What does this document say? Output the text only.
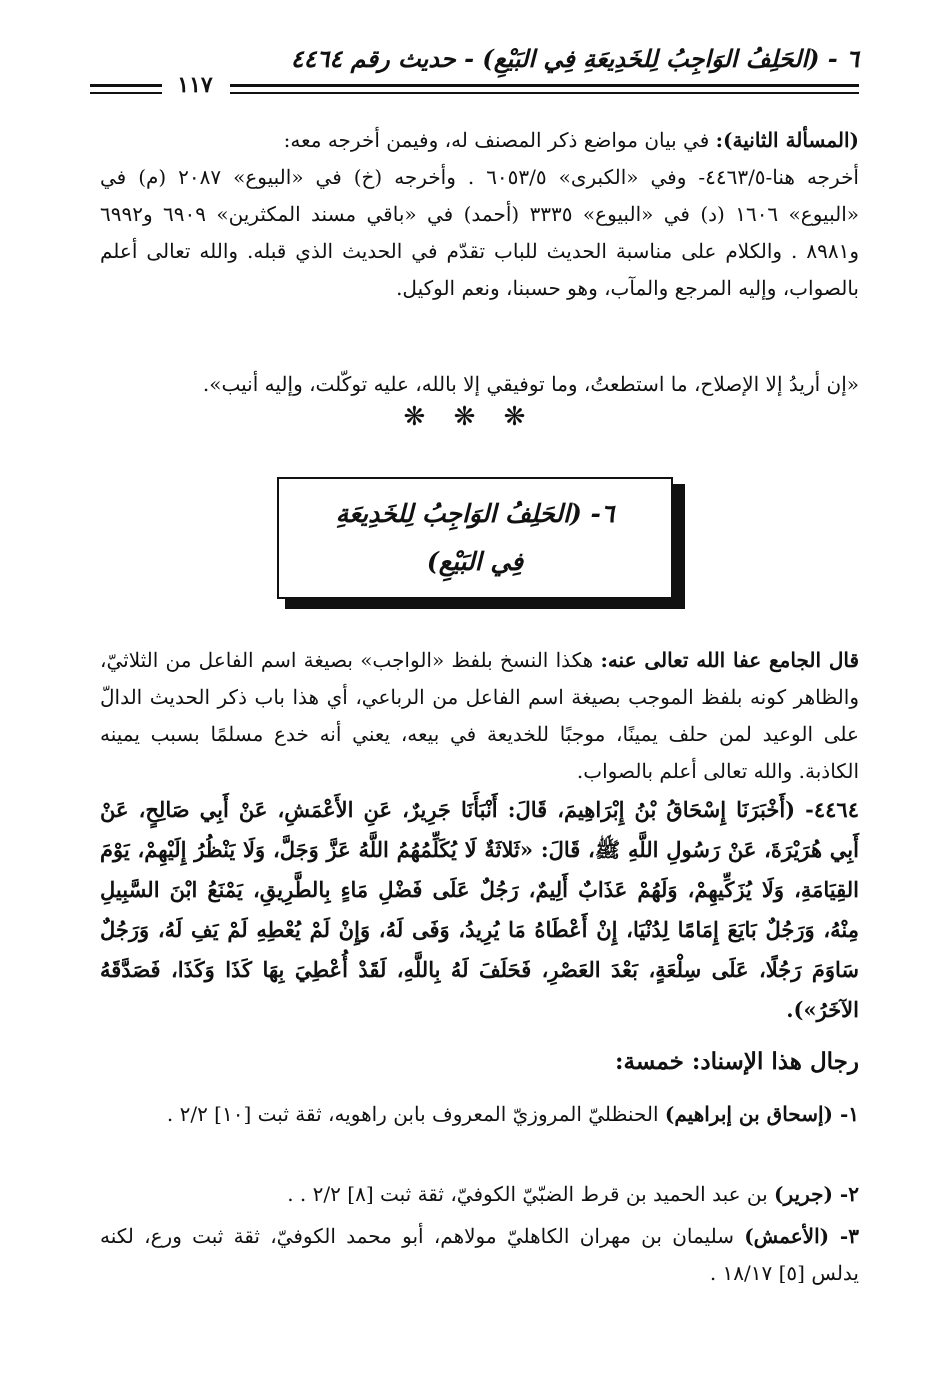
٦ - (الحَلِفُ الوَاجِبُ لِلخَدِيعَةِ فِي البَيْعِ) - حديث رقم ٤٤٦٤
١١٧
(المسألة الثانية): في بيان مواضع ذكر المصنف له، وفيمن أخرجه معه:
أخرجه هنا-٤٤٦٣/٥- وفي «الكبرى» ٦٠٥٣/٥ . وأخرجه (خ) في «البيوع» ٢٠٨٧ (م) في «البيوع» ١٦٠٦ (د) في «البيوع» ٣٣٣٥ (أحمد) في «باقي مسند المكثرين» ٦٩٠٩ و٦٩٩٢ و٨٩٨١ . والكلام على مناسبة الحديث للباب تقدّم في الحديث الذي قبله. والله تعالى أعلم بالصواب، وإليه المرجع والمآب، وهو حسبنا، ونعم الوكيل.
«إن أريدُ إلا الإصلاح، ما استطعتُ، وما توفيقي إلا بالله، عليه توكّلت، وإليه أنيب».
❋ ❋ ❋
٦- (الحَلِفُ الوَاجِبُ لِلخَدِيعَةِ فِي البَيْعِ)
قال الجامع عفا الله تعالى عنه: هكذا النسخ بلفظ «الواجب» بصيغة اسم الفاعل من الثلاثيّ، والظاهر كونه بلفظ الموجب بصيغة اسم الفاعل من الرباعي، أي هذا باب ذكر الحديث الدالّ على الوعيد لمن حلف يمينًا، موجبًا للخديعة في بيعه، يعني أنه خدع مسلمًا بسبب يمينه الكاذبة. والله تعالى أعلم بالصواب.
٤٤٦٤- (أَخْبَرَنَا إِسْحَاقُ بْنُ إِبْرَاهِيمَ، قَالَ: أَنْبَأَنَا جَرِيرٌ، عَنِ الأَعْمَشِ، عَنْ أَبِي صَالِحٍ، عَنْ أَبِي هُرَيْرَةَ، عَنْ رَسُولِ اللَّهِ ﷺ، قَالَ: «ثَلاثَةٌ لَا يُكَلِّمُهُمُ اللَّهُ عَزَّ وَجَلَّ، وَلَا يَنْظُرُ إِلَيْهِمْ، يَوْمَ القِيَامَةِ، وَلَا يُزَكِّيهِمْ، وَلَهُمْ عَذَابٌ أَلِيمٌ، رَجُلٌ عَلَى فَضْلِ مَاءٍ بِالطَّرِيقِ، يَمْنَعُ ابْنَ السَّبِيلِ مِنْهُ، وَرَجُلٌ بَايَعَ إِمَامًا لِدُنْيَا، إِنْ أَعْطَاهُ مَا يُرِيدُ، وَفَى لَهُ، وَإِنْ لَمْ يُعْطِهِ لَمْ يَفِ لَهُ، وَرَجُلٌ سَاوَمَ رَجُلًا، عَلَى سِلْعَةٍ، بَعْدَ العَصْرِ، فَحَلَفَ لَهُ بِاللَّهِ، لَقَدْ أُعْطِيَ بِهَا كَذَا وَكَذَا، فَصَدَّقَهُ الآخَرُ»).
رجال هذا الإسناد: خمسة:
١- (إسحاق بن إبراهيم) الحنظليّ المروزيّ المعروف بابن راهويه، ثقة ثبت [١٠] ٢/٢ .
٢- (جرير) بن عبد الحميد بن قرط الضبّيّ الكوفيّ، ثقة ثبت [٨] ٢/٢ . .
٣- (الأعمش) سليمان بن مهران الكاهليّ مولاهم، أبو محمد الكوفيّ، ثقة ثبت ورع، لكنه يدلس [٥] ١٨/١٧ .
